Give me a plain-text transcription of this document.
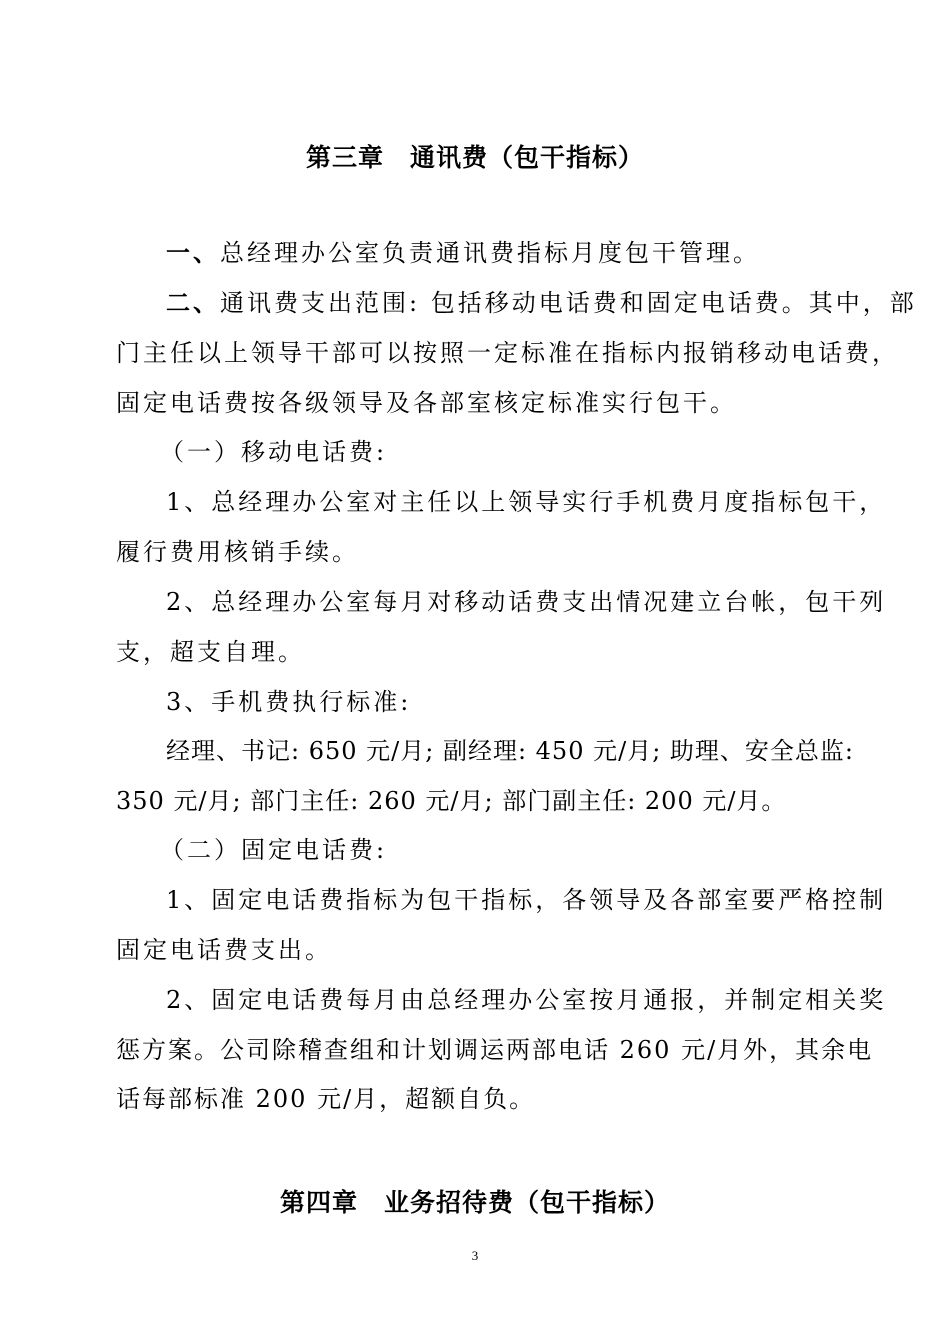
第三章　通讯费（包干指标）
一、总经理办公室负责通讯费指标月度包干管理。
二、通讯费支出范围: 包括移动电话费和固定电话费。其中，部
门主任以上领导干部可以按照一定标准在指标内报销移动电话费，
固定电话费按各级领导及各部室核定标准实行包干。
（一）移动电话费:
1、总经理办公室对主任以上领导实行手机费月度指标包干，
履行费用核销手续。
2、总经理办公室每月对移动话费支出情况建立台帐，包干列
支，超支自理。
3、手机费执行标准:
经理、书记: 650 元/月; 副经理: 450 元/月; 助理、安全总监:
350 元/月; 部门主任: 260 元/月; 部门副主任: 200 元/月。
（二）固定电话费:
1、固定电话费指标为包干指标，各领导及各部室要严格控制
固定电话费支出。
2、固定电话费每月由总经理办公室按月通报，并制定相关奖
惩方案。公司除稽查组和计划调运两部电话 260 元/月外，其余电
话每部标准 200 元/月，超额自负。
第四章　业务招待费（包干指标）
3
